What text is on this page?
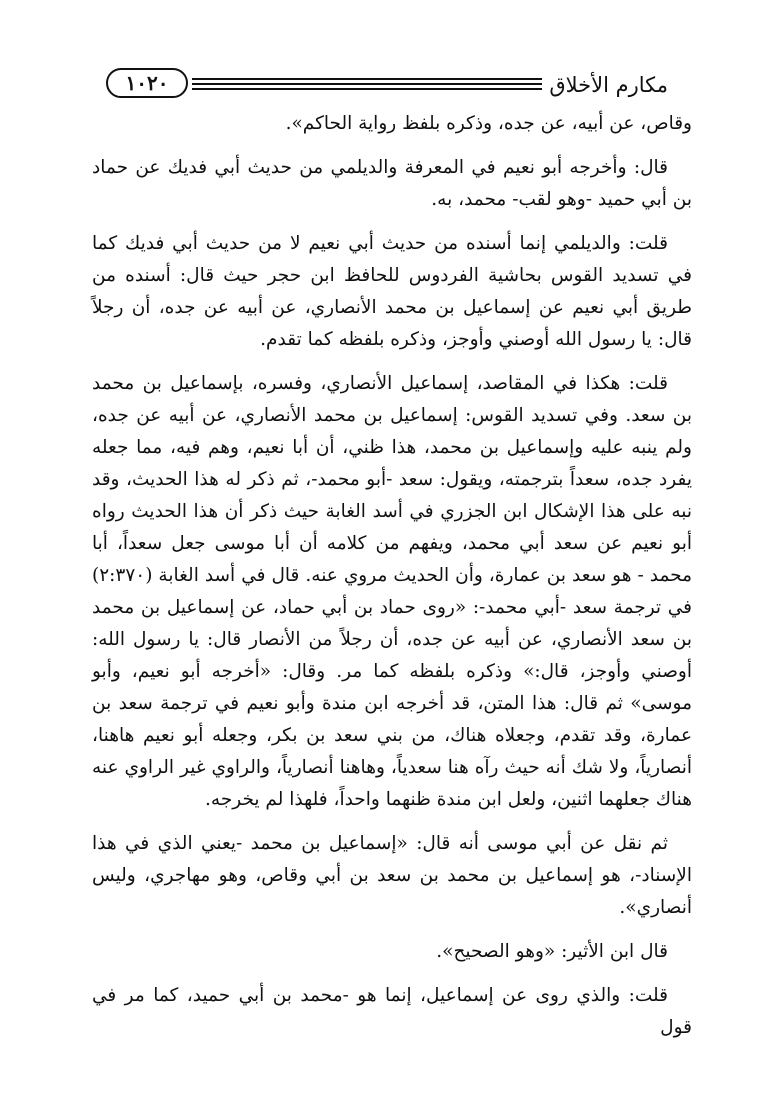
مكارم الأخلاق
١٠٢٠

وقاص، عن أبيه، عن جده، وذكره بلفظ رواية الحاكم».

قال: وأخرجه أبو نعيم في المعرفة والديلمي من حديث أبي فديك عن حماد بن أبي حميد -وهو لقب- محمد، به.

قلت: والديلمي إنما أسنده من حديث أبي نعيم لا من حديث أبي فديك كما في تسديد القوس بحاشية الفردوس للحافظ ابن حجر حيث قال: أسنده من طريق أبي نعيم عن إسماعيل بن محمد الأنصاري، عن أبيه عن جده، أن رجلاً قال: يا رسول الله أوصني وأوجز، وذكره بلفظه كما تقدم.

قلت: هكذا في المقاصد، إسماعيل الأنصاري، وفسره، بإسماعيل بن محمد بن سعد. وفي تسديد القوس: إسماعيل بن محمد الأنصاري، عن أبيه عن جده، ولم ينبه عليه وإسماعيل بن محمد، هذا ظني، أن أبا نعيم، وهم فيه، مما جعله يفرد جده، سعداً بترجمته، ويقول: سعد -أبو محمد-، ثم ذكر له هذا الحديث، وقد نبه على هذا الإشكال ابن الجزري في أسد الغابة حيث ذكر أن هذا الحديث رواه أبو نعيم عن سعد أبي محمد، ويفهم من كلامه أن أبا موسى جعل سعداً، أبا محمد - هو سعد بن عمارة، وأن الحديث مروي عنه. قال في أسد الغابة (٢:٣٧٠) في ترجمة سعد -أبي محمد-: «روى حماد بن أبي حماد، عن إسماعيل بن محمد بن سعد الأنصاري، عن أبيه عن جده، أن رجلاً من الأنصار قال: يا رسول الله: أوصني وأوجز، قال:» وذكره بلفظه كما مر. وقال: «أخرجه أبو نعيم، وأبو موسى» ثم قال: هذا المتن، قد أخرجه ابن مندة وأبو نعيم في ترجمة سعد بن عمارة، وقد تقدم، وجعلاه هناك، من بني سعد بن بكر، وجعله أبو نعيم هاهنا، أنصارياً، ولا شك أنه حيث رآه هنا سعدياً، وهاهنا أنصارياً، والراوي غير الراوي عنه هناك جعلهما اثنين، ولعل ابن مندة ظنهما واحداً، فلهذا لم يخرجه.

ثم نقل عن أبي موسى أنه قال: «إسماعيل بن محمد -يعني الذي في هذا الإسناد-، هو إسماعيل بن محمد بن سعد بن أبي وقاص، وهو مهاجري، وليس أنصاري».

قال ابن الأثير: «وهو الصحيح».

قلت: والذي روى عن إسماعيل، إنما هو -محمد بن أبي حميد، كما مر في قول
